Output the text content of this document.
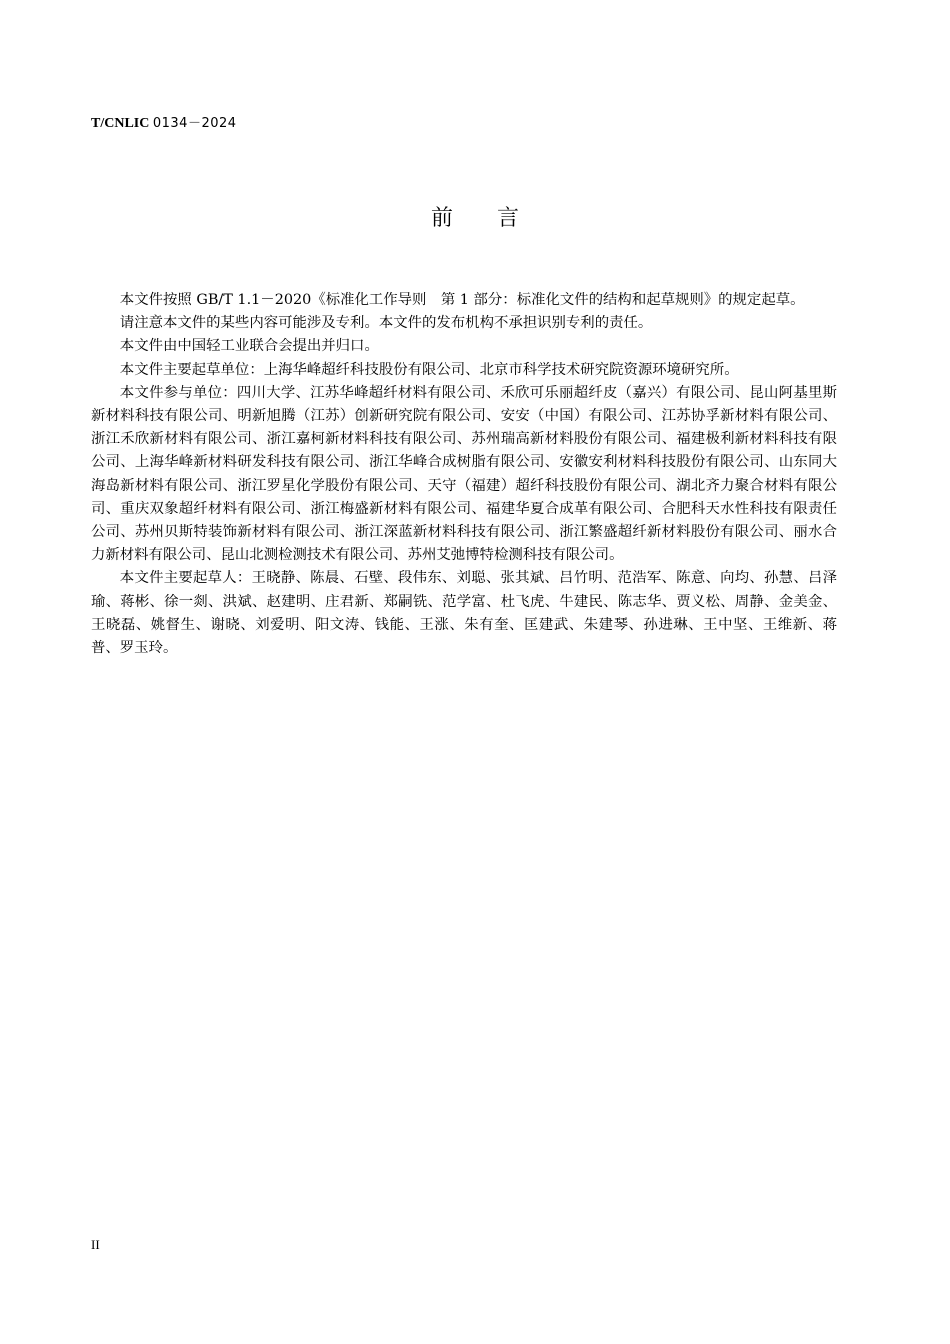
T/CNLIC 0134－2024
前 言

本文件按照 GB/T 1.1－2020《标准化工作导则　第 1 部分：标准化文件的结构和起草规则》的规定起草。

请注意本文件的某些内容可能涉及专利。本文件的发布机构不承担识别专利的责任。

本文件由中国轻工业联合会提出并归口。

本文件主要起草单位：上海华峰超纤科技股份有限公司、北京市科学技术研究院资源环境研究所。

本文件参与单位：四川大学、江苏华峰超纤材料有限公司、禾欣可乐丽超纤皮（嘉兴）有限公司、昆山阿基里斯新材料科技有限公司、明新旭腾（江苏）创新研究院有限公司、安安（中国）有限公司、江苏协孚新材料有限公司、浙江禾欣新材料有限公司、浙江嘉柯新材料科技有限公司、苏州瑞高新材料股份有限公司、福建极利新材料科技有限公司、上海华峰新材料研发科技有限公司、浙江华峰合成树脂有限公司、安徽安利材料科技股份有限公司、山东同大海岛新材料有限公司、浙江罗星化学股份有限公司、天守（福建）超纤科技股份有限公司、湖北齐力聚合材料有限公司、重庆双象超纤材料有限公司、浙江梅盛新材料有限公司、福建华夏合成革有限公司、合肥科天水性科技有限责任公司、苏州贝斯特装饰新材料有限公司、浙江深蓝新材料科技有限公司、浙江繁盛超纤新材料股份有限公司、丽水合力新材料有限公司、昆山北测检测技术有限公司、苏州艾弛博特检测科技有限公司。

本文件主要起草人：王晓静、陈晨、石壁、段伟东、刘聪、张其斌、吕竹明、范浩军、陈意、向均、孙慧、吕泽瑜、蒋彬、徐一剡、洪斌、赵建明、庄君新、郑嗣铣、范学富、杜飞虎、牛建民、陈志华、贾义松、周静、金美金、王晓磊、姚督生、谢晓、刘爱明、阳文涛、钱能、王涨、朱有奎、匡建武、朱建琴、孙进琳、王中坚、王维新、蒋普、罗玉玲。

II
